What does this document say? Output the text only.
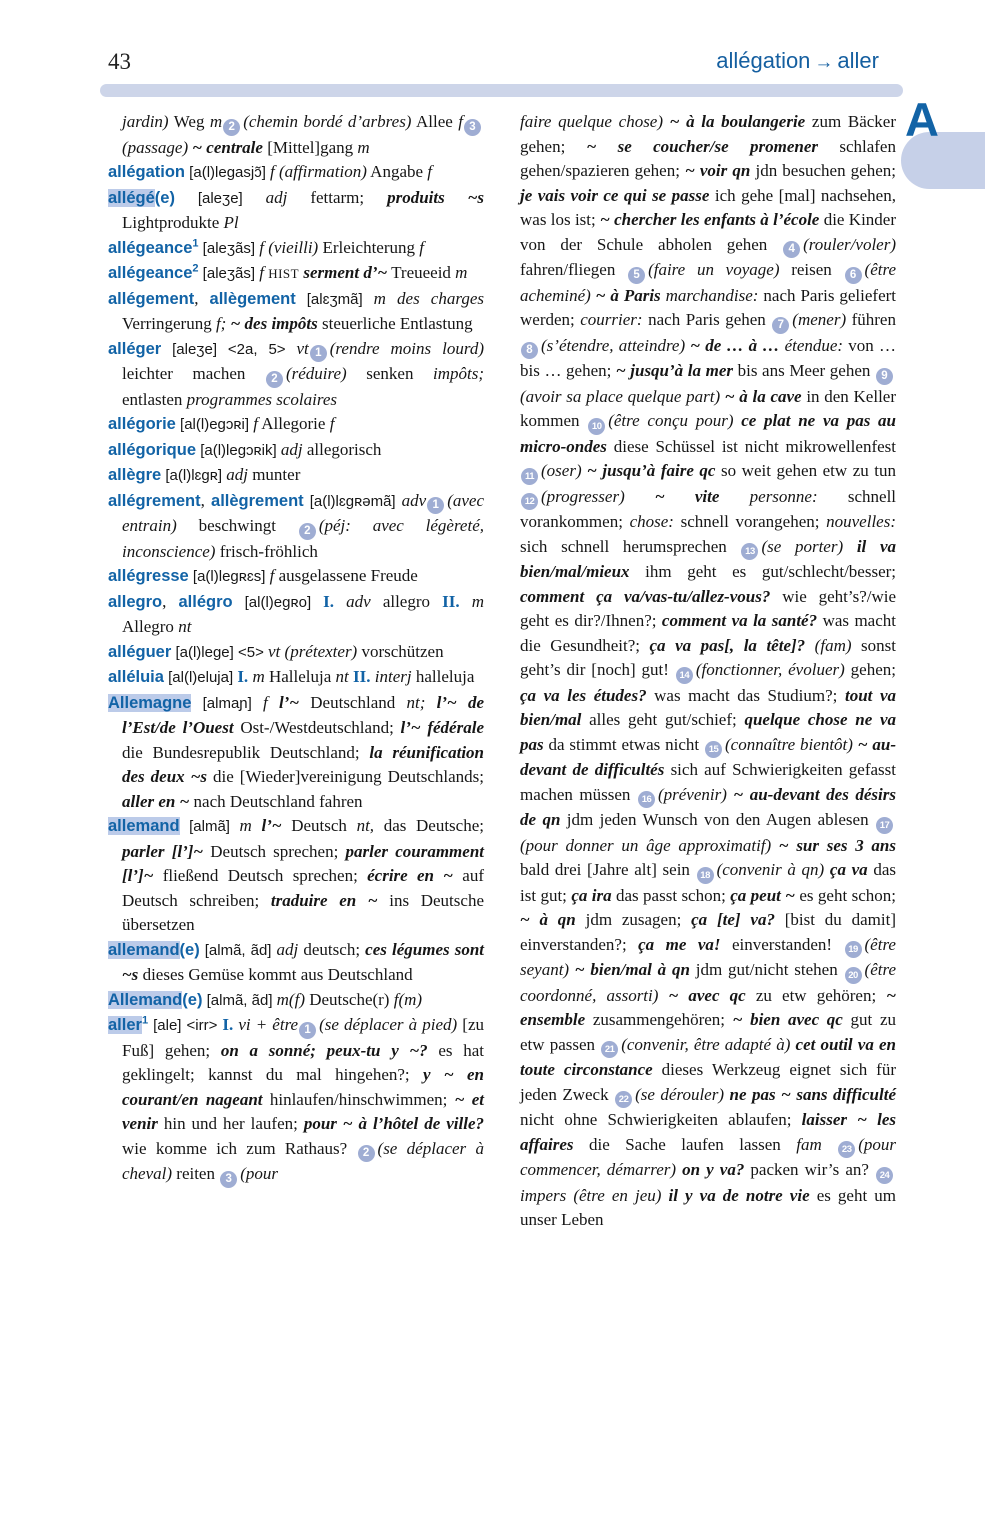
43	allégation → aller
A
jardin) Weg m 2 (chemin bordé d’arbres) Allee f 3(passage) ~ centrale [Mittel]gang m
allégation [a(l)legasjɔ̃] f (affirmation) Angabe f
allégé(e) [aleʒe] adj fettarm; produits ~s Lightprodukte Pl
allégeance$^1$ [aleʒãs] f (vieilli) Erleichterung f
allégeance$^2$ [aleʒãs] f HIST serment d’~ Treueeid m
allégement, allègement [alɛʒmã] m des charges Verringerung f; ~ des impôts steuerliche Entlastung
alléger [aleʒe] <2a, 5> vt 1 (rendre moins lourd) leichter machen 2 (réduire) senken impôts; entlasten programmes scolaires
allégorie [al(l)egɔʀi] f Allegorie f
allégorique [a(l)legɔʀik] adj allegorisch
allègre [a(l)lɛgʀ] adj munter
allégrement, allègrement [a(l)lɛgʀəmã] adv 1 (avec entrain) beschwingt 2 (péj: avec légèreté, inconscience) frisch-fröhlich
allégresse [a(l)legʀɛs] f ausgelassene Freude
allegro, allégro [al(l)egʀo] I. adv allegro II. m Allegro nt
alléguer [a(l)lege] <5> vt (prétexter) vorschützen
alléluia [al(l)eluja] I. m Halleluja nt II. interj halleluja
Allemagne [almaɲ] f l’~ Deutschland nt; l’~ de l’Est/de l’Ouest Ost-/Westdeutschland; l’~ fédérale die Bundesrepublik Deutschland; la réunification des deux ~s die [Wieder]vereinigung Deutschlands; aller en ~ nach Deutschland fahren
allemand [almã] m l’~ Deutsch nt, das Deutsche; parler [l’]~ Deutsch sprechen; parler couramment [l’]~ fließend Deutsch sprechen; écrire en ~ auf Deutsch schreiben; traduire en ~ ins Deutsche übersetzen
allemand(e) [almã, ãd] adj deutsch; ces légumes sont ~s dieses Gemüse kommt aus Deutschland
Allemand(e) [almã, ãd] m(f) Deutsche(r) f(m)
aller$^1$ [ale] <irr> I. vi + être 1 (se déplacer à pied) [zu Fuß] gehen; on a sonné; peux-tu y ~? es hat geklingelt; kannst du mal hingehen?; y ~ en courant/en nageant hinlaufen/hinschwimmen; ~ et venir hin und her laufen; pour ~ à l’hôtel de ville? wie komme ich zum Rathaus? 2 (se déplacer à cheval) reiten 3 (pour
faire quelque chose) ~ à la boulangerie zum Bäcker gehen; ~ se coucher/se promener schlafen gehen/spazieren gehen; ~ voir qn jdn besuchen gehen; je vais voir ce qui se passe ich gehe [mal] nachsehen, was los ist; ~ chercher les enfants à l’école die Kinder von der Schule abholen gehen 4 (rouler/voler) fahren/fliegen 5 (faire un voyage) reisen 6 (être acheminé) ~ à Paris marchandise: nach Paris geliefert werden; courrier: nach Paris gehen 7 (mener) führen 8 (s’étendre, atteindre) ~ de … à … étendue: von … bis … gehen; ~ jusqu’à la mer bis ans Meer gehen 9(avoir sa place quelque part) ~ à la cave in den Keller kommen 10 (être conçu pour) ce plat ne va pas au micro-ondes diese Schüssel ist nicht mikrowellenfest 11 (oser) ~ jusqu’à faire qc so weit gehen etw zu tun 12 (progresser) ~ vite personne: schnell vorankommen; chose: schnell vorangehen; nouvelles: sich schnell herumsprechen 13 (se porter) il va bien/mal/mieux ihm geht es gut/schlecht/besser; comment ça va/vas-tu/allez-vous? wie geht’s?/wie geht es dir?/Ihnen?; comment va la santé? was macht die Gesundheit?; ça va pas[, la tête]? (fam) sonst geht’s dir [noch] gut! 14 (fonctionner, évoluer) gehen; ça va les études? was macht das Studium?; tout va bien/mal alles geht gut/schief; quelque chose ne va pas da stimmt etwas nicht 15 (connaître bientôt) ~ au-devant de difficultés sich auf Schwierigkeiten gefasst machen müssen 16 (prévenir) ~ au-devant des désirs de qn jdm jeden Wunsch von den Augen ablesen 17(pour donner un âge approximatif) ~ sur ses 3 ans bald drei [Jahre alt] sein 18 (convenir à qn) ça va das ist gut; ça ira das passt schon; ça peut ~ es geht schon; ~ à qn jdm zusagen; ça [te] va? [bist du damit] einverstanden?; ça me va! einverstanden! 19 (être seyant) ~ bien/mal à qn jdm gut/nicht stehen 20 (être coordonné, assorti) ~ avec qc zu etw gehören; ~ ensemble zusammengehören; ~ bien avec qc gut zu etw passen 21 (convenir, être adapté à) cet outil va en toute circonstance dieses Werkzeug eignet sich für jeden Zweck 22 (se dérouler) ne pas ~ sans difficulté nicht ohne Schwierigkeiten ablaufen; laisser ~ les affaires die Sache laufen lassen fam 23 (pour commencer, démarrer) on y va? packen wir’s an? 24 impers (être en jeu) il y va de notre vie es geht um unser Leben
